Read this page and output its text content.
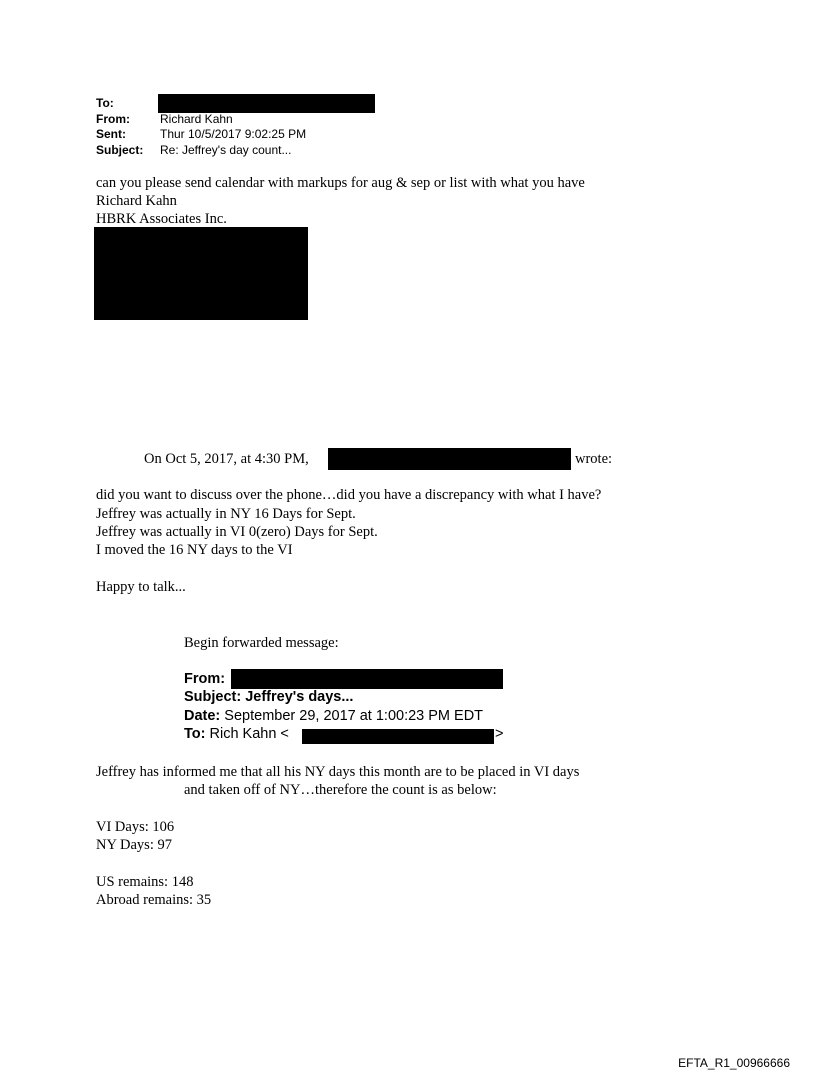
To:
From:	Richard Kahn
Sent:	Thur 10/5/2017 9:02:25 PM
Subject: Re: Jeffrey's day count...
can you please send calendar with markups for aug & sep or list with what you have
Richard Kahn
HBRK Associates Inc.
On Oct 5, 2017, at 4:30 PM,	wrote:
did you want to discuss over the phone…did you have a discrepancy with what I have?
Jeffrey was actually in NY 16 Days for Sept.
Jeffrey was actually in VI 0(zero) Days for Sept.
I moved the 16 NY days to the VI
Happy to talk...
Begin forwarded message:
From:
Subject: Jeffrey's days...
Date: September 29, 2017 at 1:00:23 PM EDT
To: Rich Kahn <	>
Jeffrey has informed me that all his NY days this month are to be placed in VI days
and taken off of NY…therefore the count is as below:
VI Days: 106
NY Days: 97
US remains: 148
Abroad remains: 35
EFTA_R1_00966666
